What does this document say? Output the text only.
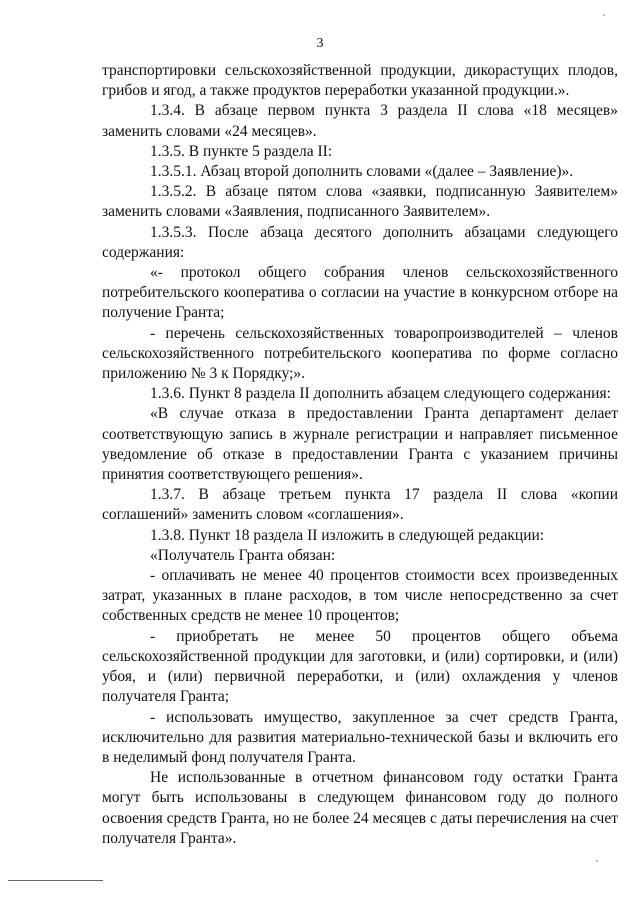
3

транспортировки сельскохозяйственной продукции, дикорастущих плодов, грибов и ягод, а также продуктов переработки указанной продукции.».

1.3.4. В абзаце первом пункта 3 раздела II слова «18 месяцев» заменить словами «24 месяцев».

1.3.5. В пункте 5 раздела II:

1.3.5.1. Абзац второй дополнить словами «(далее – Заявление)».

1.3.5.2. В абзаце пятом слова «заявки, подписанную Заявителем» заменить словами «Заявления, подписанного Заявителем».

1.3.5.3. После абзаца десятого дополнить абзацами следующего содержания:

«- протокол общего собрания членов сельскохозяйственного потребительского кооператива о согласии на участие в конкурсном отборе на получение Гранта;

- перечень сельскохозяйственных товаропроизводителей – членов сельскохозяйственного потребительского кооператива по форме согласно приложению № 3 к Порядку;».

1.3.6. Пункт 8 раздела II дополнить абзацем следующего содержания:

«В случае отказа в предоставлении Гранта департамент делает соответствующую запись в журнале регистрации и направляет письменное уведомление об отказе в предоставлении Гранта с указанием причины принятия соответствующего решения».

1.3.7. В абзаце третьем пункта 17 раздела II слова «копии соглашений» заменить словом «соглашения».

1.3.8. Пункт 18 раздела II изложить в следующей редакции:

«Получатель Гранта обязан:

- оплачивать не менее 40 процентов стоимости всех произведенных затрат, указанных в плане расходов, в том числе непосредственно за счет собственных средств не менее 10 процентов;

- приобретать не менее 50 процентов общего объема сельскохозяйственной продукции для заготовки, и (или) сортировки, и (или) убоя, и (или) первичной переработки, и (или) охлаждения у членов получателя Гранта;

- использовать имущество, закупленное за счет средств Гранта, исключительно для развития материально-технической базы и включить его в неделимый фонд получателя Гранта.

Не использованные в отчетном финансовом году остатки Гранта могут быть использованы в следующем финансовом году до полного освоения средств Гранта, но не более 24 месяцев с даты перечисления на счет получателя Гранта».
